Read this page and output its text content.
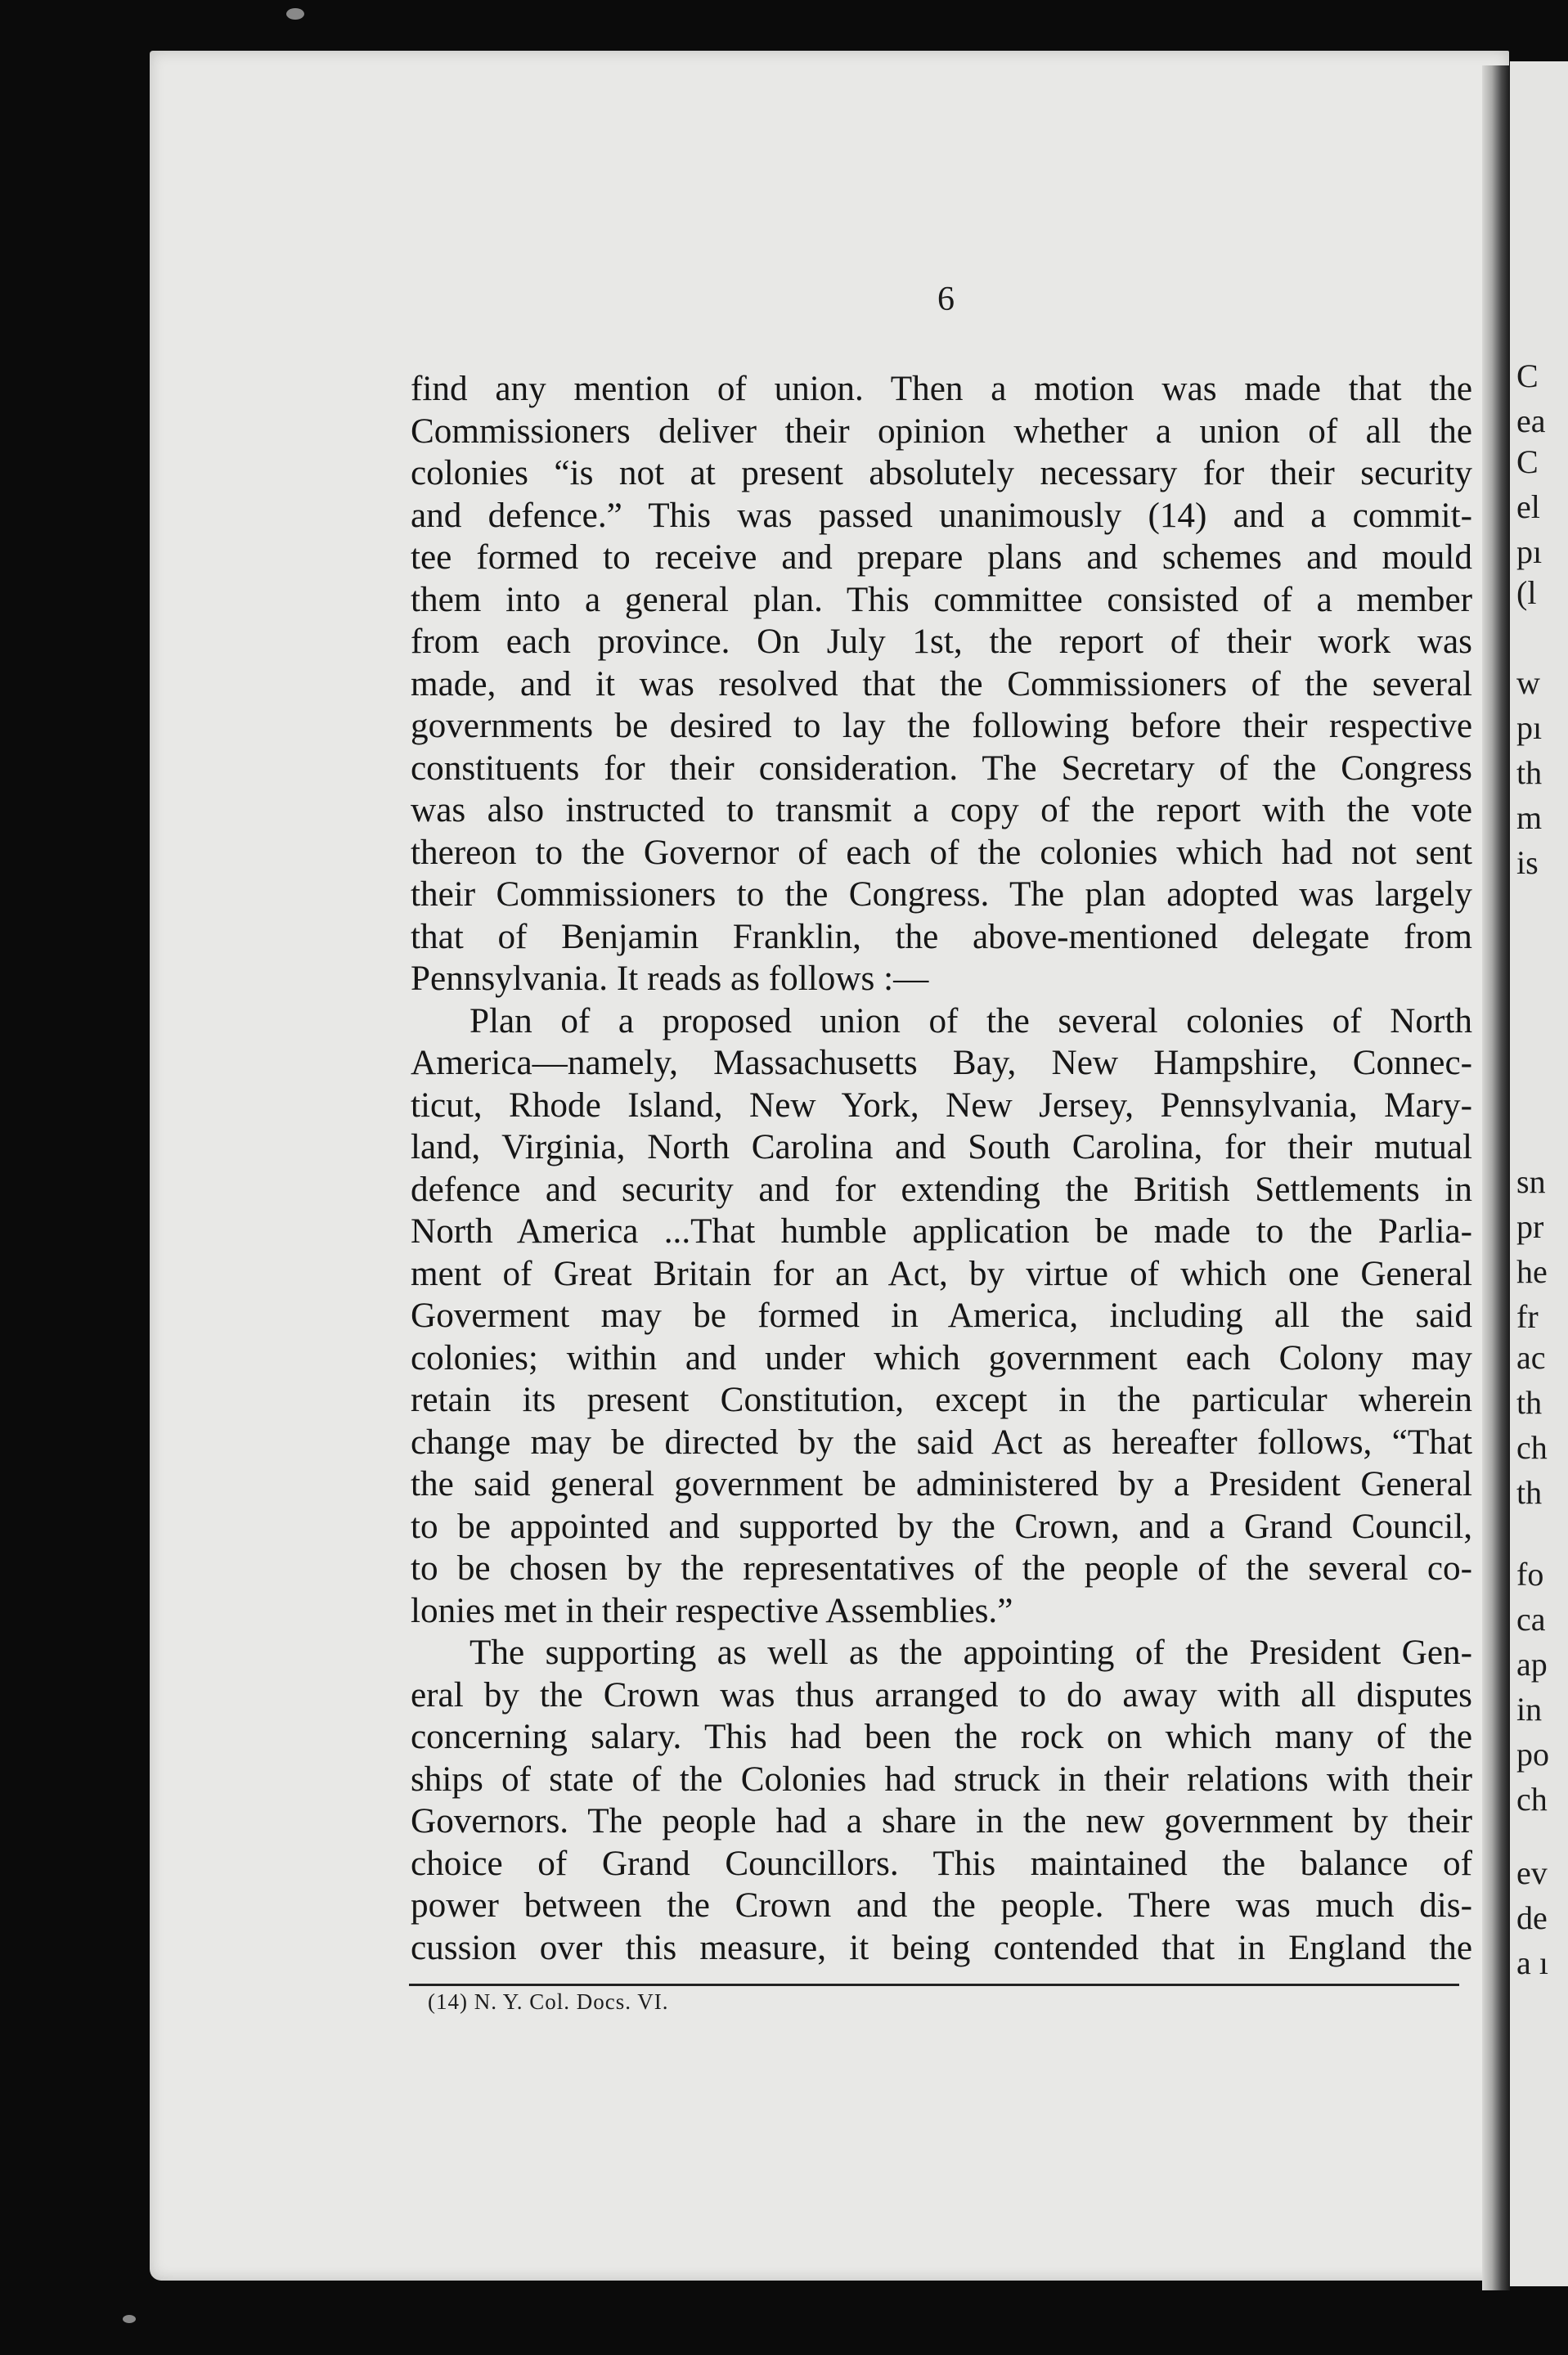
C
ea
C
el
pı
(l
w
pı
th
m
is
sn
pr
he
fr
ac
th
ch
th
fo
ca
ap
in
po
ch
ev
de
a ı
6
find any mention of union. Then a motion was made that the
Commissioners deliver their opinion whether a union of all the
colonies “is not at present absolutely necessary for their security
and defence.” This was passed unanimously (14) and a commit-
tee formed to receive and prepare plans and schemes and mould
them into a general plan. This committee consisted of a member
from each province. On July 1st, the report of their work was
made, and it was resolved that the Commissioners of the several
governments be desired to lay the following before their respective
constituents for their consideration. The Secretary of the Congress
was also instructed to transmit a copy of the report with the vote
thereon to the Governor of each of the colonies which had not sent
their Commissioners to the Congress. The plan adopted was largely
that of Benjamin Franklin, the above-mentioned delegate from
Pennsylvania. It reads as follows :—
Plan of a proposed union of the several colonies of North
America—namely, Massachusetts Bay, New Hampshire, Connec-
ticut, Rhode Island, New York, New Jersey, Pennsylvania, Mary-
land, Virginia, North Carolina and South Carolina, for their mutual
defence and security and for extending the British Settlements in
North America ...That humble application be made to the Parlia-
ment of Great Britain for an Act, by virtue of which one General
Goverment may be formed in America, including all the said
colonies; within and under which government each Colony may
retain its present Constitution, except in the particular wherein
change may be directed by the said Act as hereafter follows, “That
the said general government be administered by a President General
to be appointed and supported by the Crown, and a Grand Council,
to be chosen by the representatives of the people of the several co-
lonies met in their respective Assemblies.”
The supporting as well as the appointing of the President Gen-
eral by the Crown was thus arranged to do away with all disputes
concerning salary. This had been the rock on which many of the
ships of state of the Colonies had struck in their relations with their
Governors. The people had a share in the new government by their
choice of Grand Councillors. This maintained the balance of
power between the Crown and the people. There was much dis-
cussion over this measure, it being contended that in England the
(14) N. Y. Col. Docs. VI.
